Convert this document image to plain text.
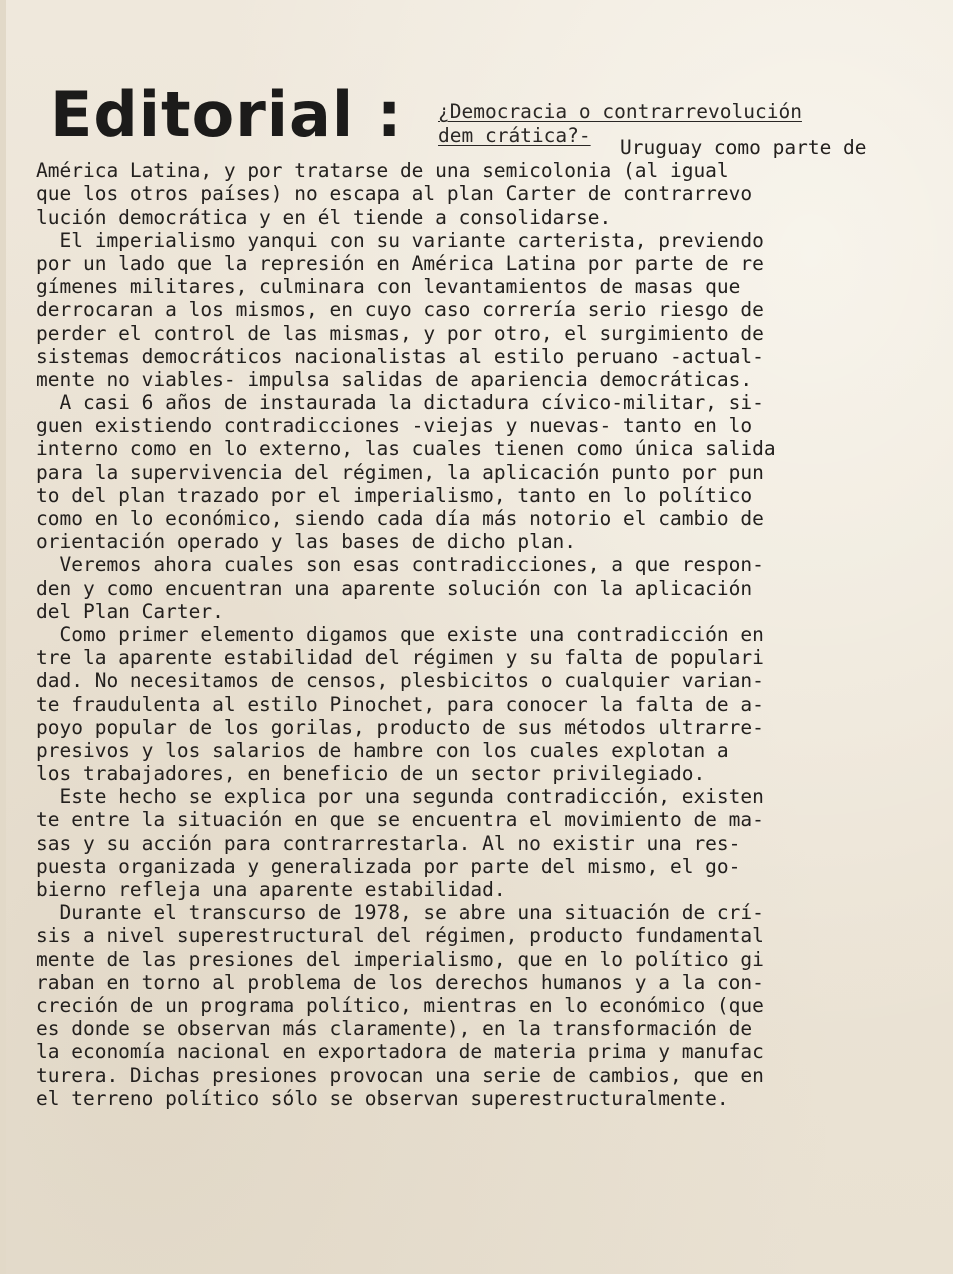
Editorial : ¿Democracia o contrarrevolución
dem crática?-
Uruguay como parte de
América Latina, y por tratarse de una semicolonia (al igual
que los otros países) no escapa al plan Carter de contrarrevo
lución democrática y en él tiende a consolidarse.
El imperialismo yanqui con su variante carterista, previendo
por un lado que la represión en América Latina por parte de re
gímenes militares, culminara con levantamientos de masas que
derrocaran a los mismos, en cuyo caso correría serio riesgo de
perder el control de las mismas, y por otro, el surgimiento de
sistemas democráticos nacionalistas al estilo peruano -actual-
mente no viables- impulsa salidas de apariencia democráticas.
A casi 6 años de instaurada la dictadura cívico-militar, si-
guen existiendo contradicciones -viejas y nuevas- tanto en lo
interno como en lo externo, las cuales tienen como única salida
para la supervivencia del régimen, la aplicación punto por pun
to del plan trazado por el imperialismo, tanto en lo político
como en lo económico, siendo cada día más notorio el cambio de
orientación operado y las bases de dicho plan.
Veremos ahora cuales son esas contradicciones, a que respon-
den y como encuentran una aparente solución con la aplicación
del Plan Carter.
Como primer elemento digamos que existe una contradicción en
tre la aparente estabilidad del régimen y su falta de populari
dad. No necesitamos de censos, plesbicitos o cualquier varian-
te fraudulenta al estilo Pinochet, para conocer la falta de a-
poyo popular de los gorilas, producto de sus métodos ultrarre-
presivos y los salarios de hambre con los cuales explotan a
los trabajadores, en beneficio de un sector privilegiado.
Este hecho se explica por una segunda contradicción, existen
te entre la situación en que se encuentra el movimiento de ma-
sas y su acción para contrarrestarla. Al no existir una res-
puesta organizada y generalizada por parte del mismo, el go-
bierno refleja una aparente estabilidad.
Durante el transcurso de 1978, se abre una situación de crí-
sis a nivel superestructural del régimen, producto fundamental
mente de las presiones del imperialismo, que en lo político gi
raban en torno al problema de los derechos humanos y a la con-
creción de un programa político, mientras en lo económico (que
es donde se observan más claramente), en la transformación de
la economía nacional en exportadora de materia prima y manufac
turera. Dichas presiones provocan una serie de cambios, que en
el terreno político sólo se observan superestructuralmente.
